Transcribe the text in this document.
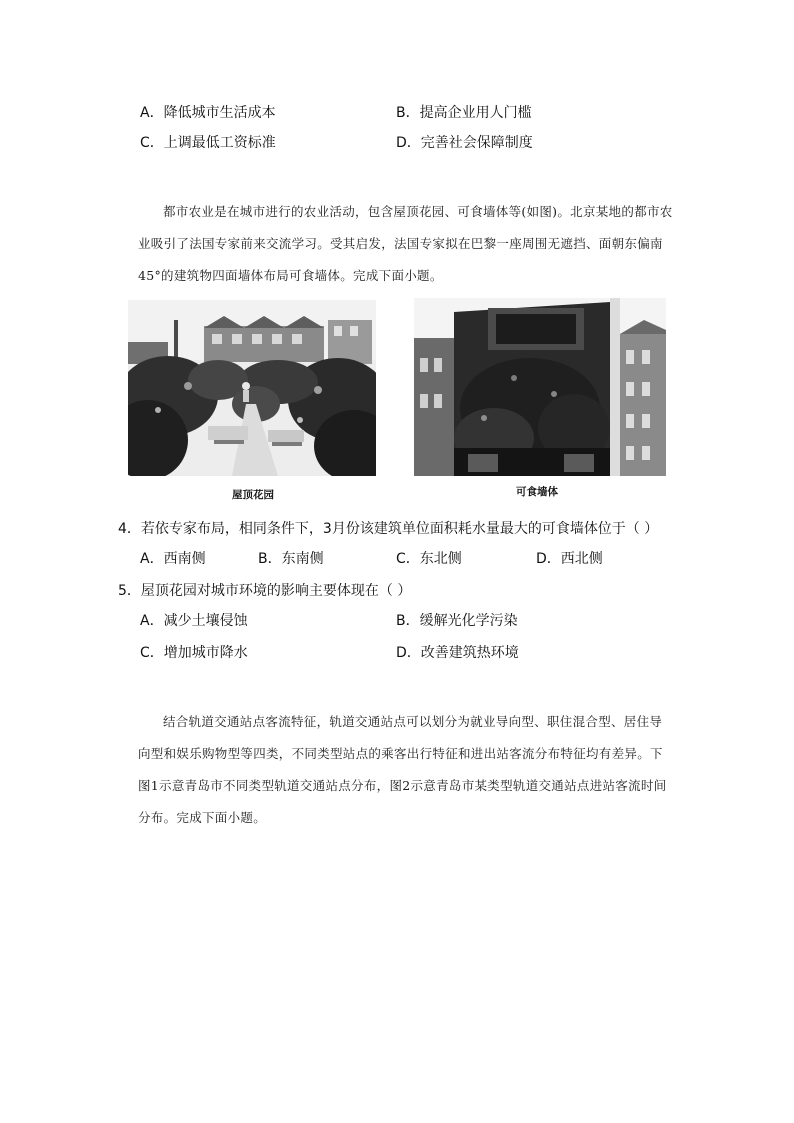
A．降低城市生活成本	B．提高企业用人门槛
C．上调最低工资标准	D．完善社会保障制度
都市农业是在城市进行的农业活动，包含屋顶花园、可食墙体等(如图)。北京某地的都市农业吸引了法国专家前来交流学习。受其启发，法国专家拟在巴黎一座周围无遮挡、面朝东偏南45°的建筑物四面墙体布局可食墙体。完成下面小题。
屋顶花园	可食墙体
4．若依专家布局，相同条件下，3月份该建筑单位面积耗水量最大的可食墙体位于（ ）
A．西南侧	B．东南侧	C．东北侧	D．西北侧
5．屋顶花园对城市环境的影响主要体现在（ ）
A．减少土壤侵蚀	B．缓解光化学污染
C．增加城市降水	D．改善建筑热环境
结合轨道交通站点客流特征，轨道交通站点可以划分为就业导向型、职住混合型、居住导向型和娱乐购物型等四类，不同类型站点的乘客出行特征和进出站客流分布特征均有差异。下图1示意青岛市不同类型轨道交通站点分布，图2示意青岛市某类型轨道交通站点进站客流时间分布。完成下面小题。
